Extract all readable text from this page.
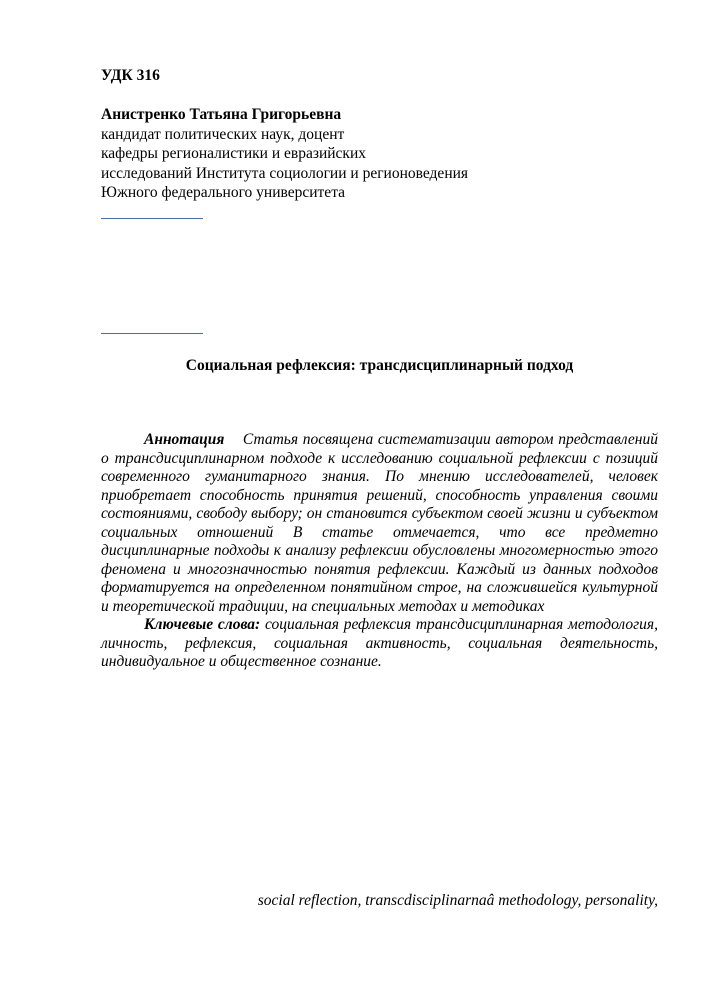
УДК 316
Анистренко Татьяна Григорьевна
кандидат политических наук, доцент
кафедры регионалистики и евразийских
исследований Института социологии и регионоведения
Южного федерального университета
Социальная рефлексия: трансдисциплинарный подход

Аннотация Статья посвящена систематизации автором представлений о трансдисциплинарном подходе к исследованию социальной рефлексии с позиций современного гуманитарного знания. По мнению исследователей, человек приобретает способность принятия решений, способность управления своими состояниями, свободу выбору; он становится субъектом своей жизни и субъектом социальных отношений В статье отмечается, что все предметно дисциплинарные подходы к анализу рефлексии обусловлены многомерностью этого феномена и многозначностью понятия рефлексии. Каждый из данных подходов форматируется на определенном понятийном строе, на сложившейся культурной и теоретической традиции, на специальных методах и методиках

Ключевые слова: социальная рефлексия трансдисциплинарная методология, личность, рефлексия, социальная активность, социальная деятельность, индивидуальное и общественное сознание.

social reflection, transcdisciplinarnaâ methodology, personality,
